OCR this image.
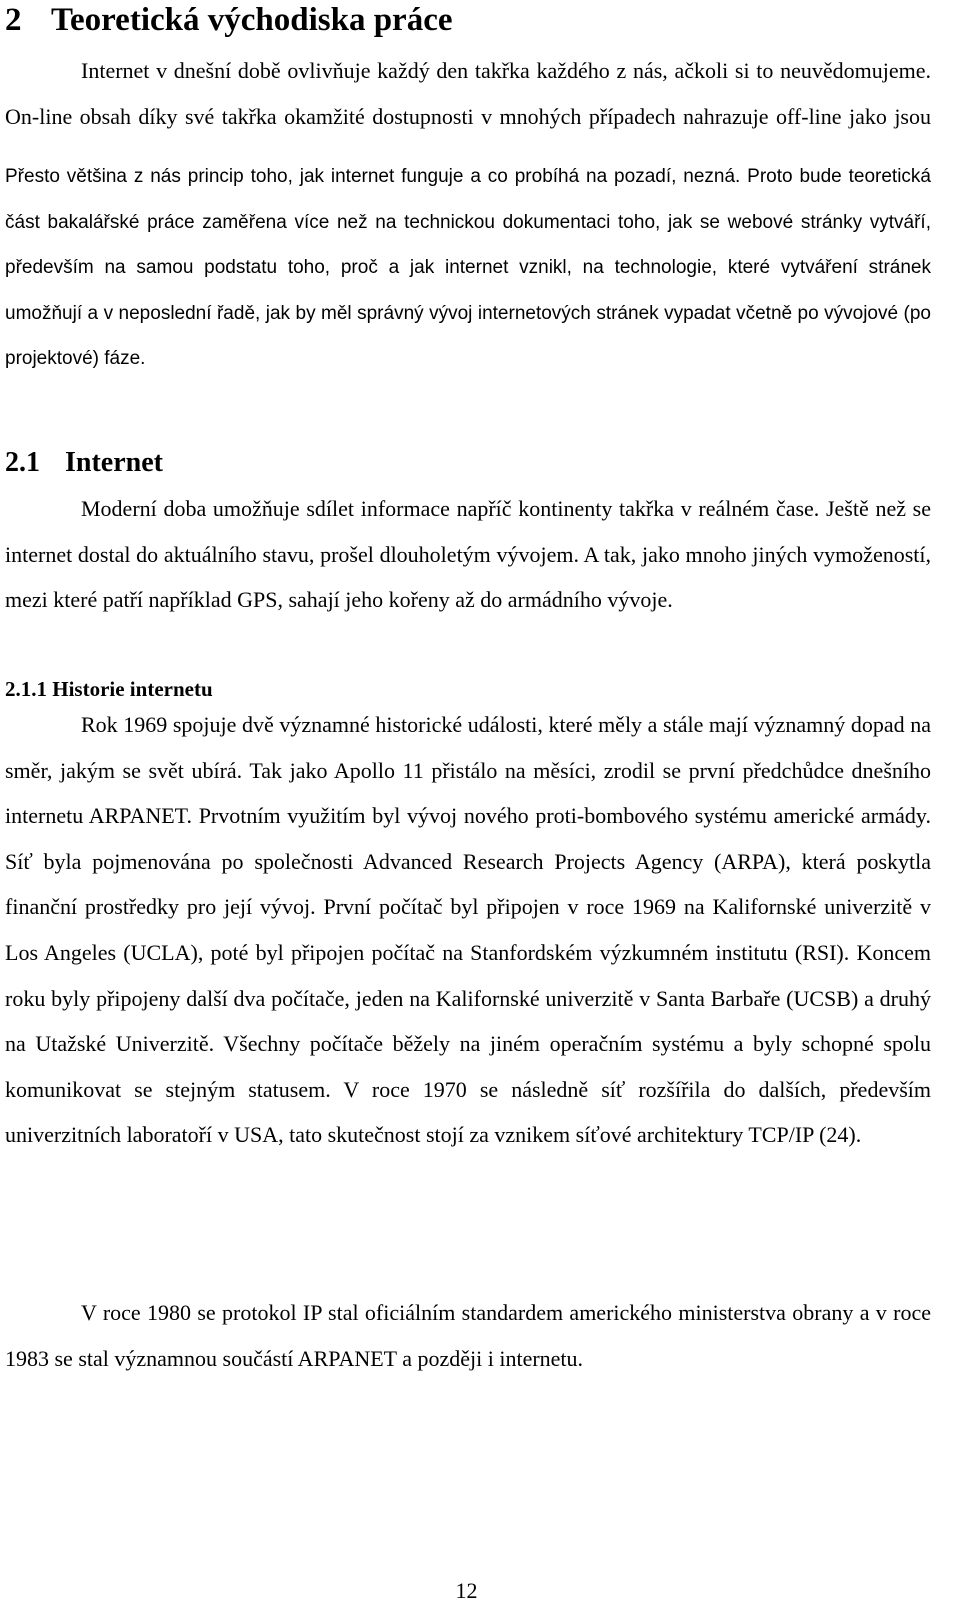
2 Teoretická východiska práce

Internet v dnešní době ovlivňuje každý den takřka každého z nás, ačkoli si to neuvědomujeme. On-line obsah díky své takřka okamžité dostupnosti v mnohých případech nahrazuje off-line jako jsou

Přesto většina z nás princip toho, jak internet funguje a co probíhá na pozadí, nezná. Proto bude teoretická část bakalářské práce zaměřena více než na technickou dokumentaci toho, jak se webové stránky vytváří, především na samou podstatu toho, proč a jak internet vznikl, na technologie, které vytváření stránek umožňují a v neposlední řadě, jak by měl správný vývoj internetových stránek vypadat včetně po vývojové (po projektové) fáze.

2.1 Internet

Moderní doba umožňuje sdílet informace napříč kontinenty takřka v reálném čase. Ještě než se internet dostal do aktuálního stavu, prošel dlouholetým vývojem. A tak, jako mnoho jiných vymožeností, mezi které patří například GPS, sahají jeho kořeny až do armádního vývoje.

2.1.1 Historie internetu

Rok 1969 spojuje dvě významné historické události, které měly a stále mají významný dopad na směr, jakým se svět ubírá. Tak jako Apollo 11 přistálo na měsíci, zrodil se první předchůdce dnešního internetu ARPANET. Prvotním využitím byl vývoj nového proti-bombového systému americké armády. Síť byla pojmenována po společnosti Advanced Research Projects Agency (ARPA), která poskytla finanční prostředky pro její vývoj. První počítač byl připojen v roce 1969 na Kalifornské univerzitě v Los Angeles (UCLA), poté byl připojen počítač na Stanfordském výzkumném institutu (RSI). Koncem roku byly připojeny další dva počítače, jeden na Kalifornské univerzitě v Santa Barbaře (UCSB) a druhý na Utažské Univerzitě. Všechny počítače běžely na jiném operačním systému a byly schopné spolu komunikovat se stejným statusem. V roce 1970 se následně síť rozšířila do dalších, především univerzitních laboratoří v USA, tato skutečnost stojí za vznikem síťové architektury TCP/IP (24).

V roce 1980 se protokol IP stal oficiálním standardem amerického ministerstva obrany a v roce 1983 se stal významnou součástí ARPANET a později i internetu.

12
